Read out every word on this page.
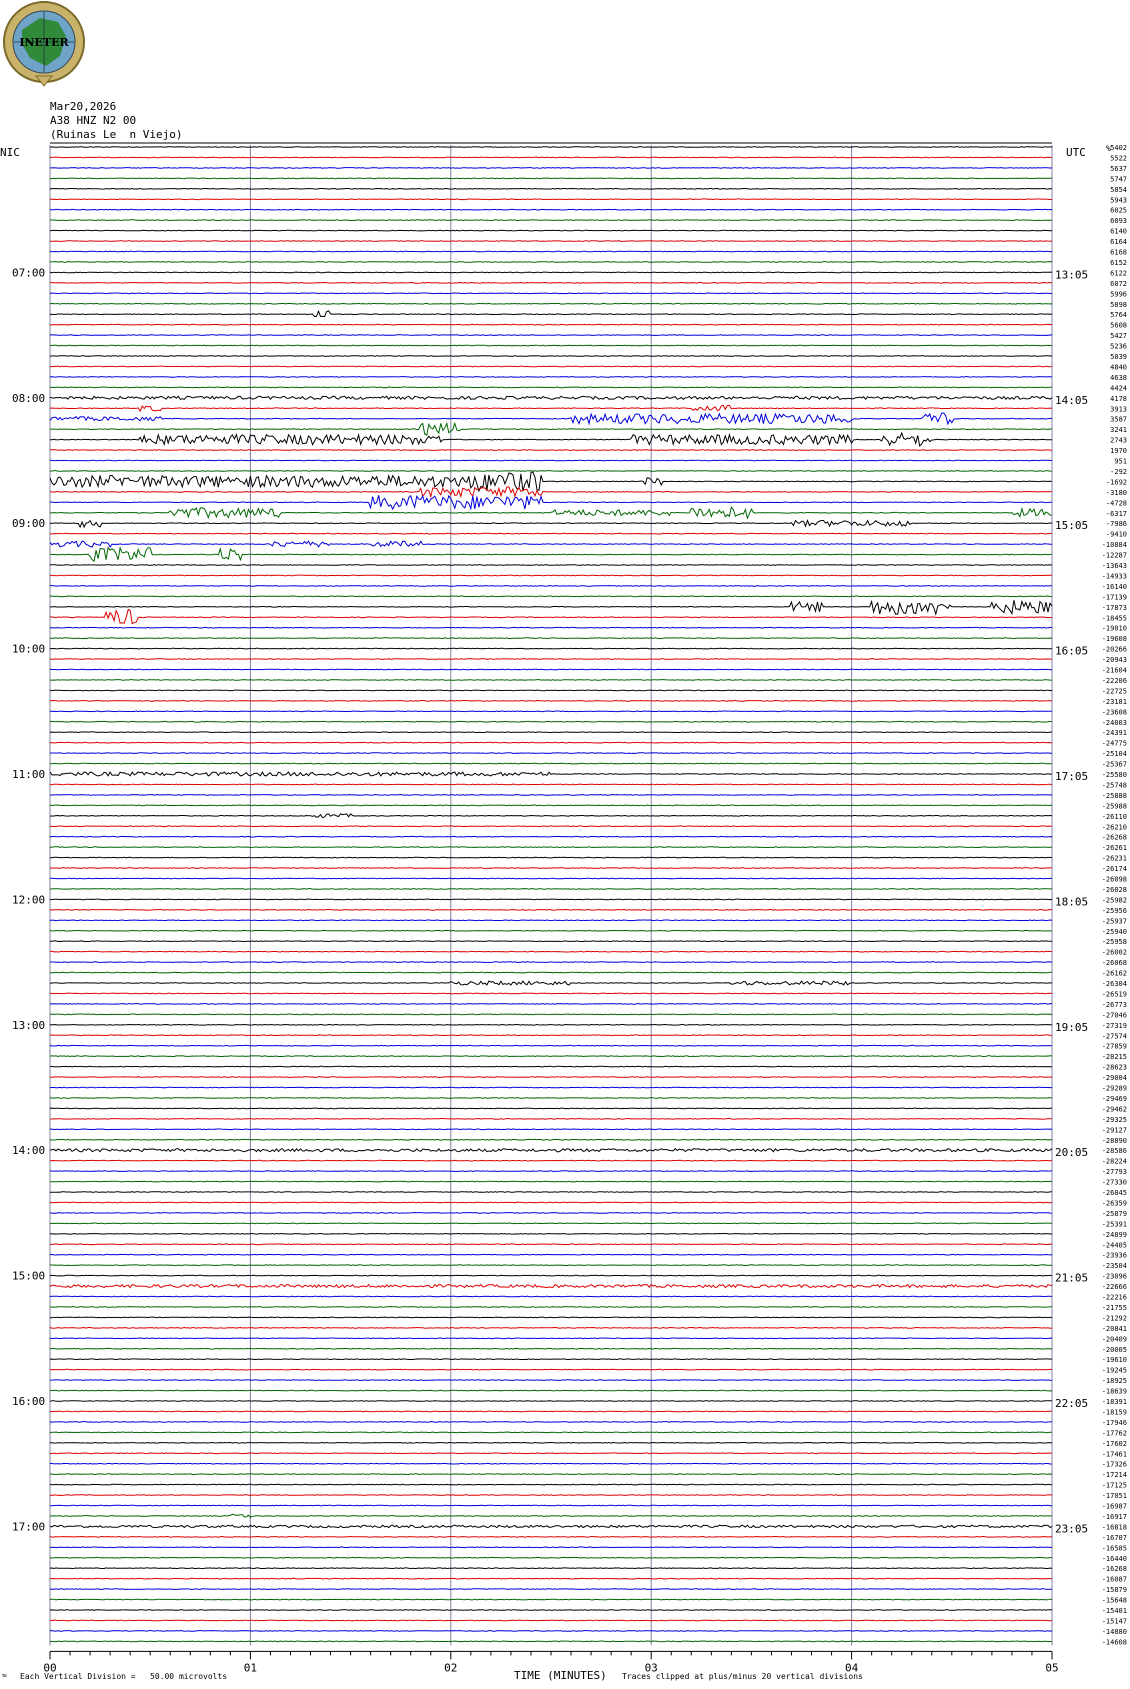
INETER
Mar20,2026
A38 HNZ N2 00
(Ruinas Le  n Viejo)
NIC	UTC	% 5402
5522
5637
5747
5854
5943
6025
6093
6140
6164
6168
6152
6122
6072
5996
5898
5764
5608
5427
5236
5039
4840
4638
4424
4178
3913
3587
3241
2743
1970
951
-292
-1692
-3180
-4728
-6317
-7986
-9410
-10884
-12287
-13643
-14933
-16140
-17139
-17873
-18455
-19010
-19608
-20266
-20943
-21604
-22206
-22725
-23181
-23608
-24003
-24391
-24775
-25104
-25367
-25580
-25748
-25888
-25988
-26110
-26210
-26268
-26261
-26231
-26174
-26098
-26028
-25982
-25956
-25937
-25940
-25958
-26002
-26068
-26162
-26304
-26519
-26773
-27046
-27319
-27574
-27859
-28215
-28623
-29004
-29289
-29469
-29462
-29325
-29127
-28890
-28586
-28224
-27793
-27330
-26845
-26359
-25879
-25391
-24899
-24405
-23936
-23504
-23096
-22666
-22216
-21755
-21292
-20841
-20409
-20005
-19610
-19245
-18925
-18639
-18391
-18159
-17946
-17762
-17602
-17461
-17326
-17214
-17125
-17051
-16987
-16917
-16818
-16707
-16585
-16440
-16268
-16087
-15879
-15648
-15401
-15147
-14880
-14608
07:00	13:05
08:00	14:05
09:00	15:05
10:00	16:05
11:00	17:05
12:00	18:05
13:00	19:05
14:00	20:05
15:00	21:05
16:00	22:05
17:00	23:05
00	01	02	03	04	05
≈ Each Vertical Division =   50.00 microvolts	TIME (MINUTES) Traces clipped at plus/minus 20 vertical divisions
